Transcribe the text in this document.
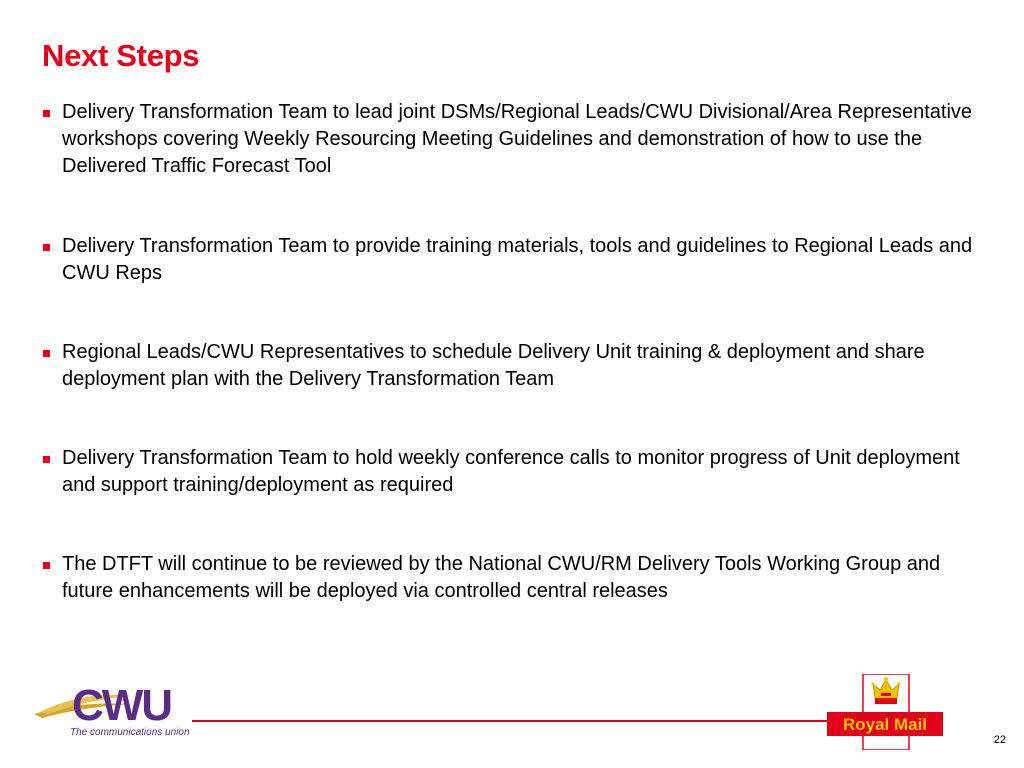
Next Steps
Delivery Transformation Team to lead joint DSMs/Regional Leads/CWU Divisional/Area Representative workshops covering Weekly Resourcing Meeting Guidelines and demonstration of how to use the Delivered Traffic Forecast Tool
Delivery Transformation Team to provide training materials, tools and guidelines to Regional Leads and CWU Reps
Regional Leads/CWU Representatives to schedule Delivery Unit training & deployment and share deployment plan with the Delivery Transformation Team
Delivery Transformation Team to hold weekly conference calls to monitor progress of Unit deployment and support training/deployment as required
The DTFT will continue to be reviewed by the National CWU/RM Delivery Tools Working Group and future enhancements will be deployed via controlled central releases
CWU
The communications union	Royal Mail
22
